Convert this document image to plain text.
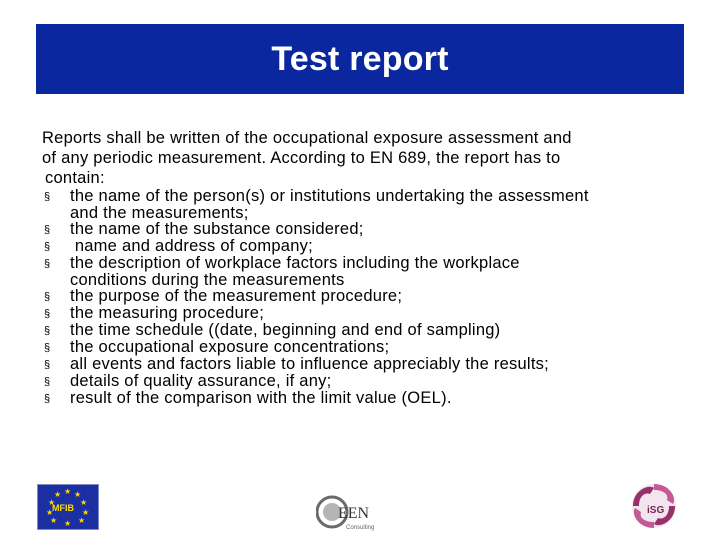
Test report
Reports shall be written of the occupational exposure assessment and
of any periodic measurement. According to EN 689, the report has to
contain:
§ the name of the person(s) or institutions undertaking the assessment
and the measurements;
§ the name of the substance considered;
§ name and address of company;
§ the description of workplace factors including the workplace
conditions during the measurements
§ the purpose of the measurement procedure;
§ the measuring procedure;
§ the time schedule ((date, beginning and end of sampling)
§ the occupational exposure concentrations;
§ all events and factors liable to influence appreciably the results;
§ details of quality assurance, if any;
§ result of the comparison with the limit value (OEL).
★ ★
★
★
★
★
★
★
★ ★
MFIB	EEN
Consulting
iSG
